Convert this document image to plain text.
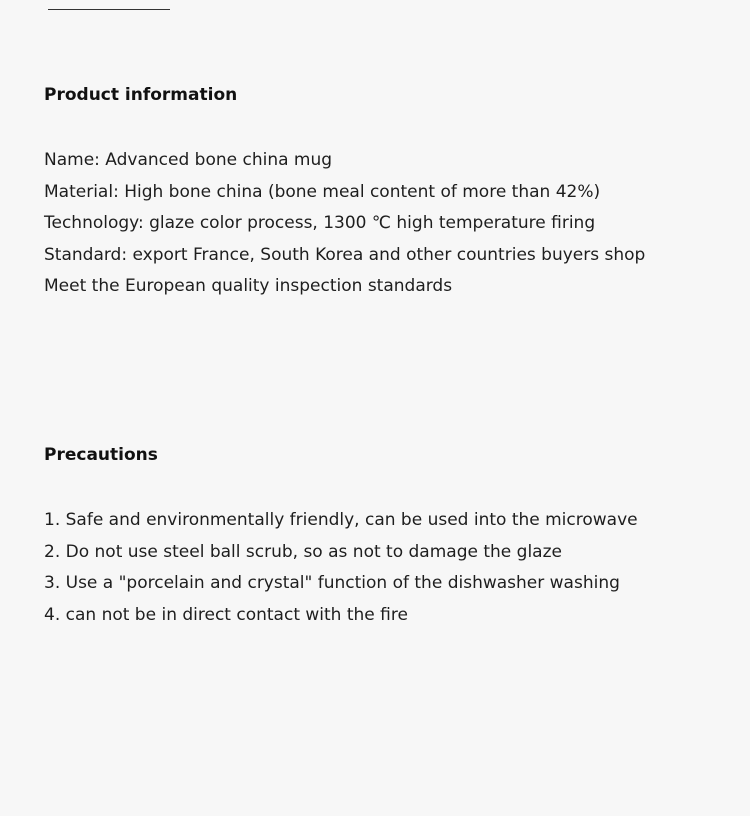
Product information
Name: Advanced bone china mug
Material: High bone china (bone meal content of more than 42%)
Technology: glaze color process, 1300 ℃ high temperature firing
Standard: export France, South Korea and other countries buyers shop
Meet the European quality inspection standards
Precautions
1. Safe and environmentally friendly, can be used into the microwave
2. Do not use steel ball scrub, so as not to damage the glaze
3. Use a "porcelain and crystal" function of the dishwasher washing
4. can not be in direct contact with the fire
